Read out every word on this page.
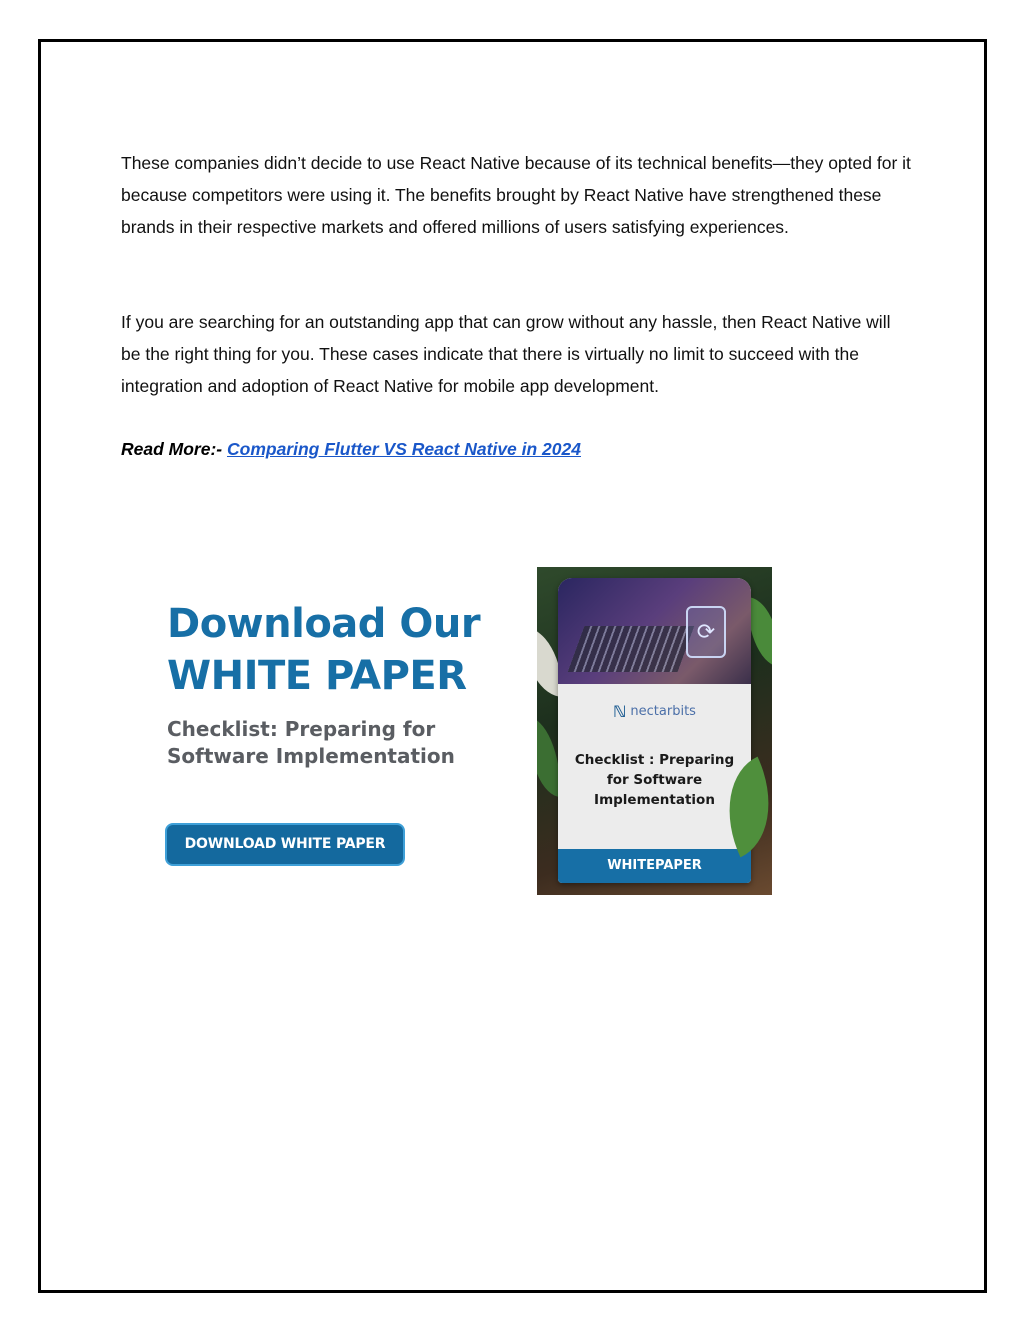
These companies didn’t decide to use React Native because of its technical benefits—they opted for it because competitors were using it. The benefits brought by React Native have strengthened these brands in their respective markets and offered millions of users satisfying experiences.

If you are searching for an outstanding app that can grow without any hassle, then React Native will be the right thing for you. These cases indicate that there is virtually no limit to succeed with the integration and adoption of React Native for mobile app development.

Read More:- Comparing Flutter VS React Native in 2024

Download Our
WHITE PAPER

Checklist: Preparing for
Software Implementation

DOWNLOAD WHITE PAPER
⟳
ℕ nectarbits

Checklist : Preparing
for Software
Implementation

WHITEPAPER
